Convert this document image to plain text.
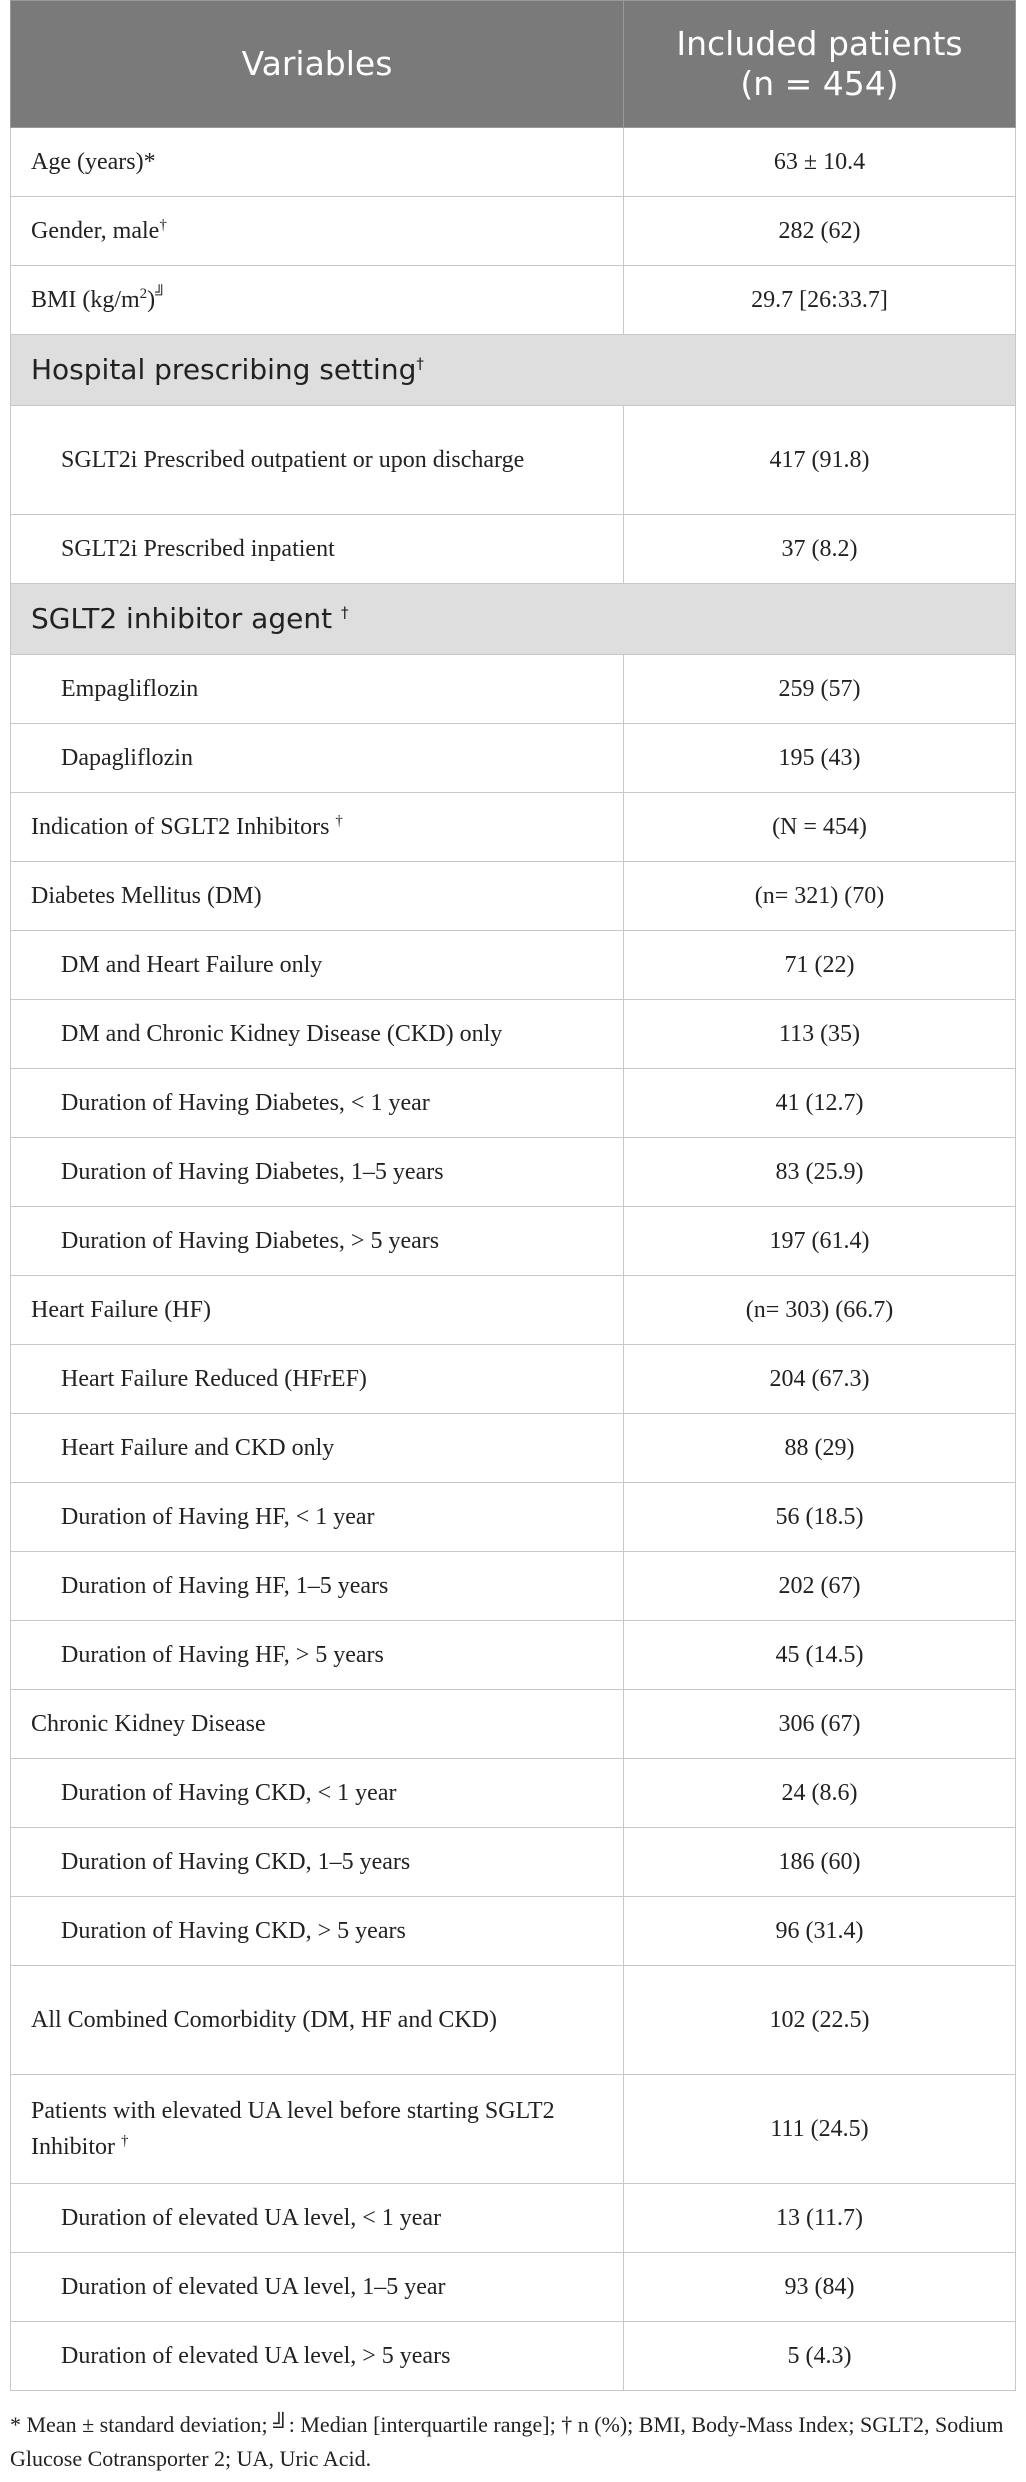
Variables	Included patients
(n = 454)
Age (years)*	63 ± 10.4
Gender, male†	282 (62)
BMI $(kg/m^2)^╝$	29.7 [26:33.7]
Hospital prescribing setting†
SGLT2i Prescribed outpatient or upon discharge	417 (91.8)
SGLT2i Prescribed inpatient	37 (8.2)
SGLT2 inhibitor agent †
Empagliflozin	259 (57)
Dapagliflozin	195 (43)
Indication of SGLT2 Inhibitors †	(N = 454)
Diabetes Mellitus (DM)	(n= 321) (70)
DM and Heart Failure only	71 (22)
DM and Chronic Kidney Disease (CKD) only	113 (35)
Duration of Having Diabetes, < 1 year	41 (12.7)
Duration of Having Diabetes, 1–5 years	83 (25.9)
Duration of Having Diabetes, > 5 years	197 (61.4)
Heart Failure (HF)	(n= 303) (66.7)
Heart Failure Reduced (HFrEF)	204 (67.3)
Heart Failure and CKD only	88 (29)
Duration of Having HF, < 1 year	56 (18.5)
Duration of Having HF, 1–5 years	202 (67)
Duration of Having HF, > 5 years	45 (14.5)
Chronic Kidney Disease	306 (67)
Duration of Having CKD, < 1 year	24 (8.6)
Duration of Having CKD, 1–5 years	186 (60)
Duration of Having CKD, > 5 years	96 (31.4)
All Combined Comorbidity (DM, HF and CKD)	102 (22.5)
Patients with elevated UA level before starting SGLT2 Inhibitor †	111 (24.5)
Duration of elevated UA level, < 1 year	13 (11.7)
Duration of elevated UA level, 1–5 year	93 (84)
Duration of elevated UA level, > 5 years	5 (4.3)
* Mean ± standard deviation; ╝: Median [interquartile range]; † n (%); BMI, Body-Mass Index; SGLT2, Sodium Glucose Cotransporter 2; UA, Uric Acid.
